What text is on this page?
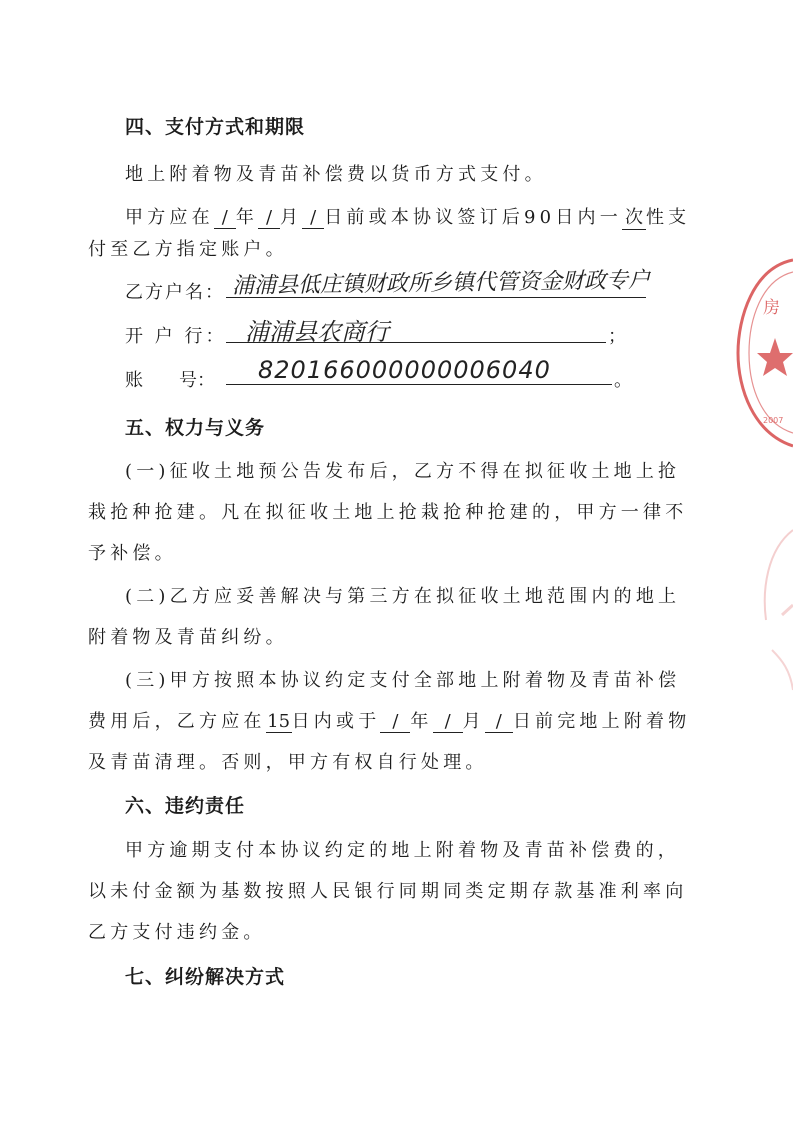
四、支付方式和期限
地上附着物及青苗补偿费以货币方式支付。
甲方应在 / 年 / 月 / 日前或本协议签订后90日内一 次 性支
付至乙方指定账户。
乙方户名： 浦浦县低庄镇财政所乡镇代管资金财政专户
开 户 行： 浦浦县农商行	；
账　　号： 820166000000006040	。
五、权力与义务
(一)征收土地预公告发布后，乙方不得在拟征收土地上抢
栽抢种抢建。凡在拟征收土地上抢栽抢种抢建的，甲方一律不
予补偿。
(二)乙方应妥善解决与第三方在拟征收土地范围内的地上
附着物及青苗纠纷。
(三)甲方按照本协议约定支付全部地上附着物及青苗补偿
费用后，乙方应在15日内或于 / 年 / 月 / 日前完地上附着物
及青苗清理。否则，甲方有权自行处理。
六、违约责任
甲方逾期支付本协议约定的地上附着物及青苗补偿费的，
以未付金额为基数按照人民银行同期同类定期存款基准利率向
乙方支付违约金。
七、纠纷解决方式
房
2007
